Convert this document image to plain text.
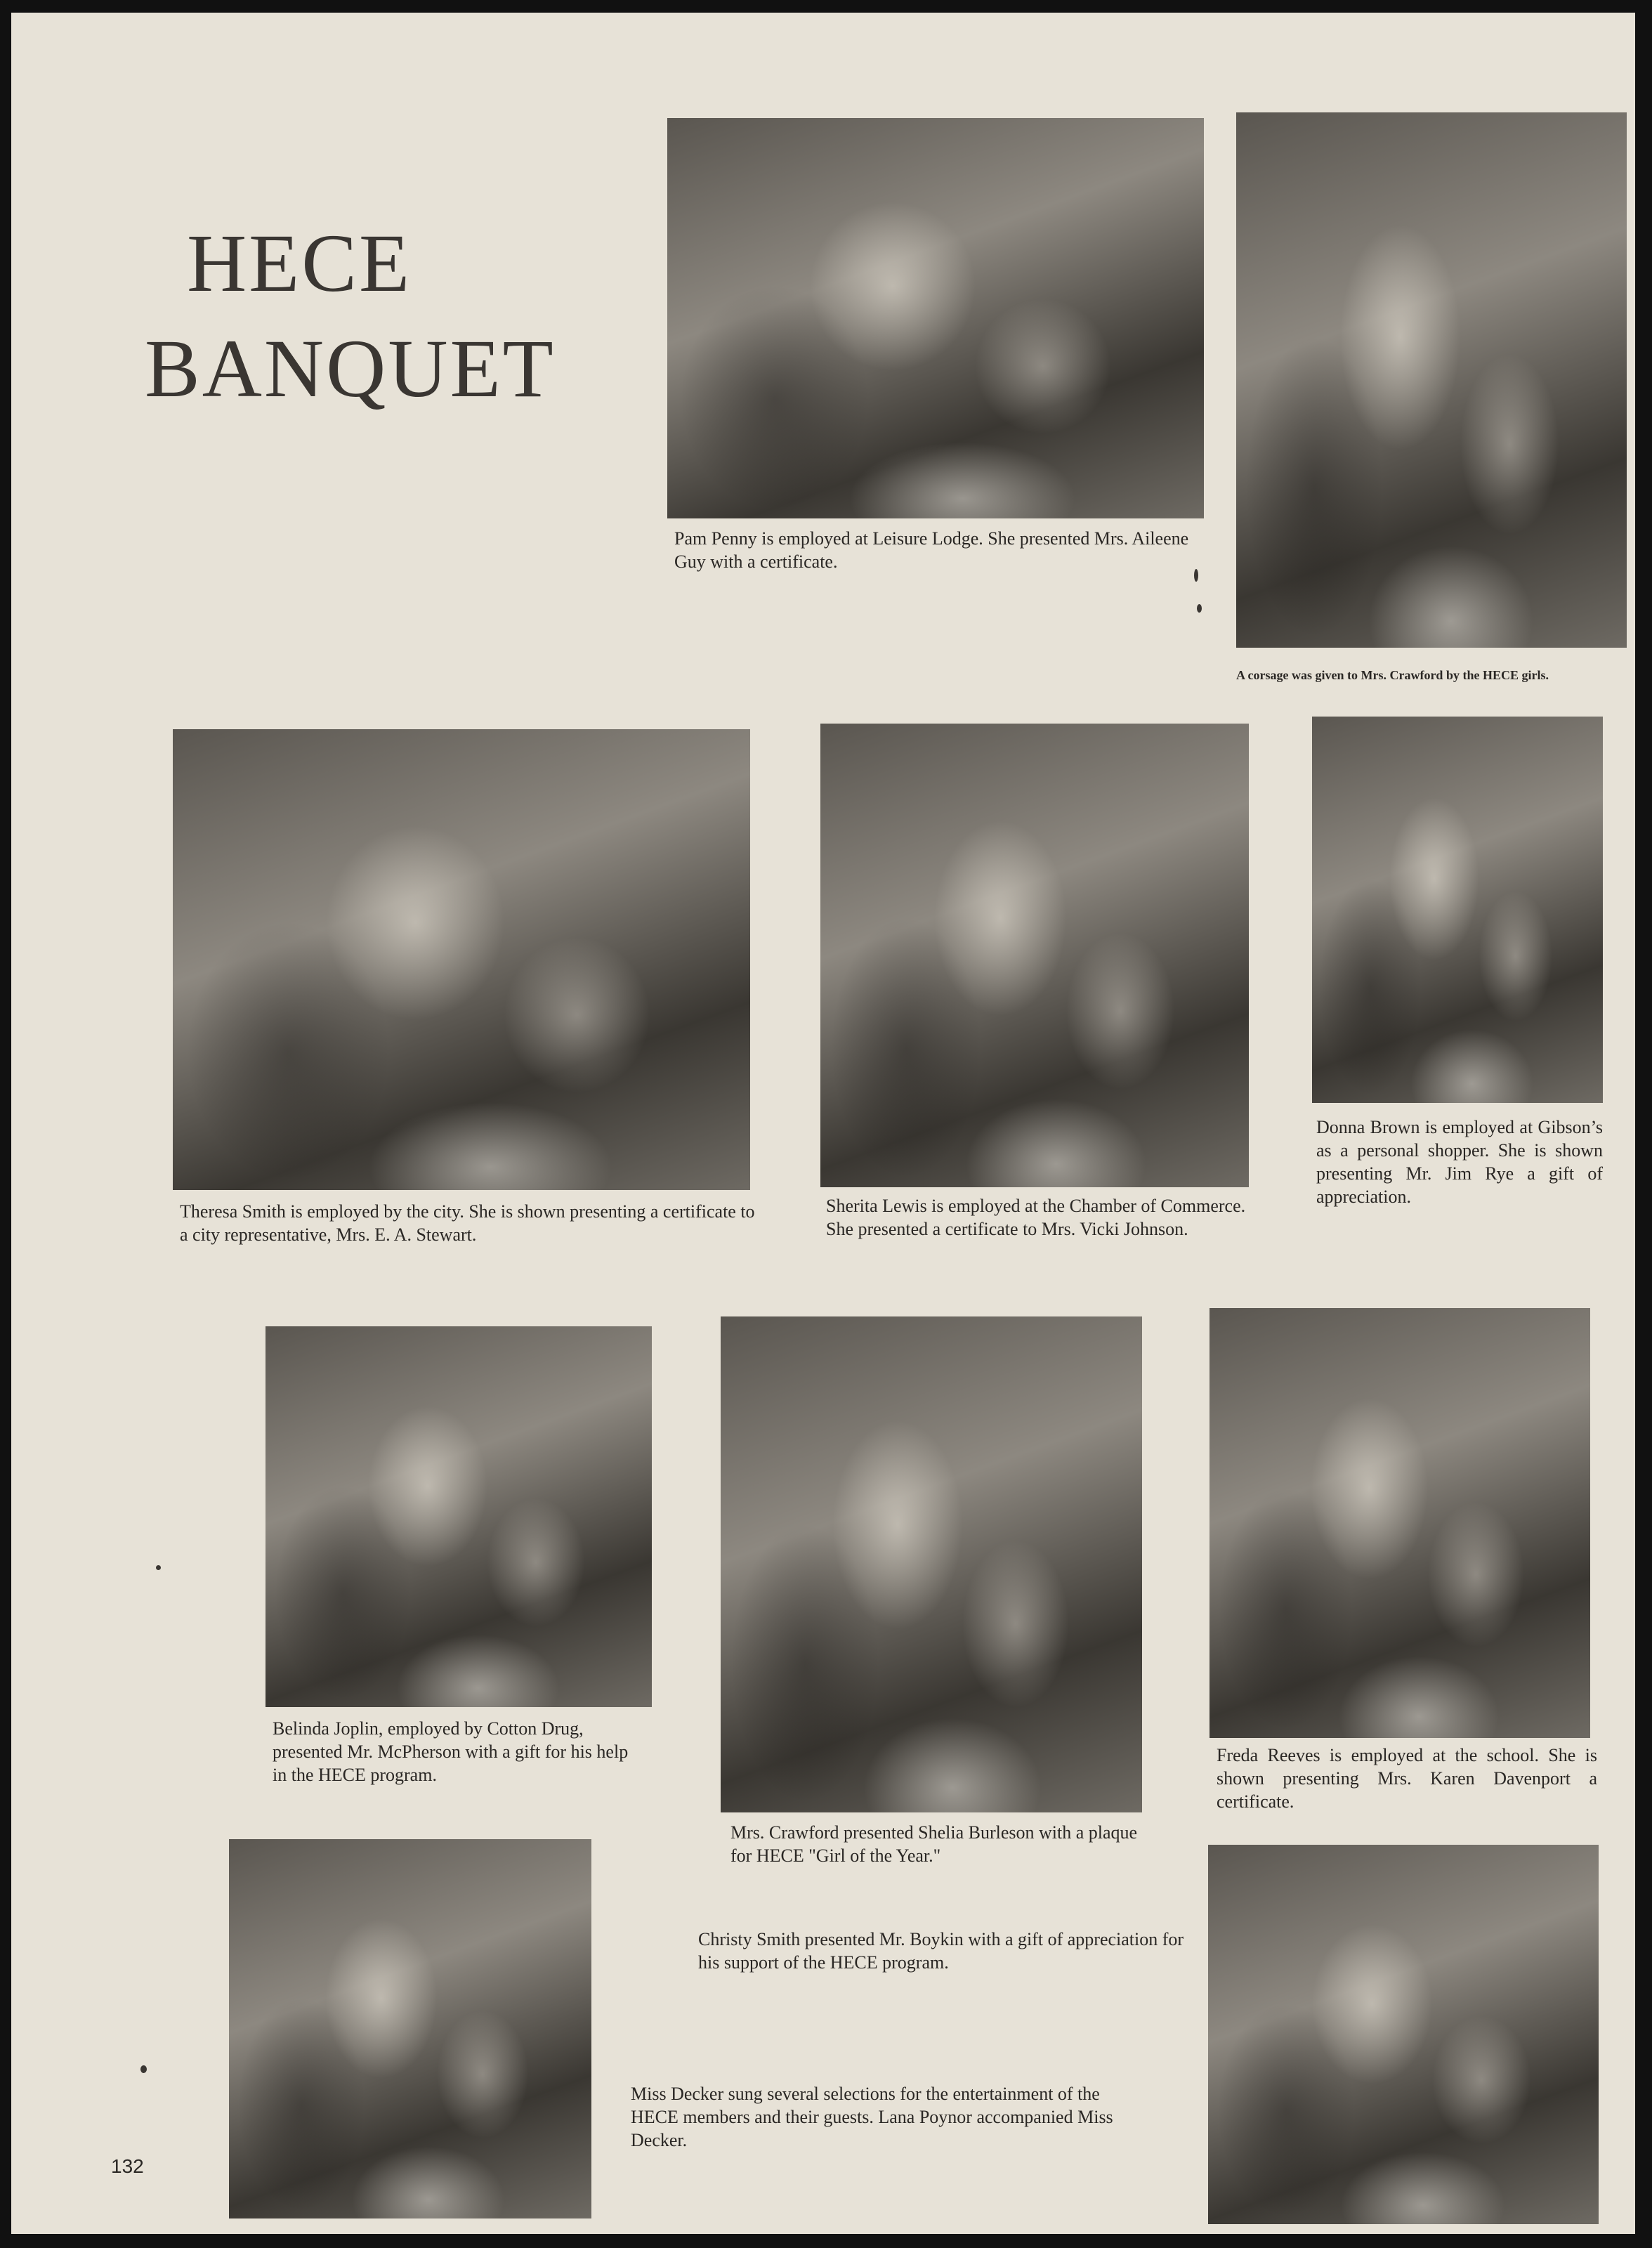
HECE
BANQUET
Pam Penny is employed at Leisure Lodge. She presented Mrs. Aileene Guy with a certificate.
A corsage was given to Mrs. Crawford by the HECE girls.
Theresa Smith is employed by the city. She is shown presenting a certificate to a city representative, Mrs. E. A. Stewart.
Sherita Lewis is employed at the Chamber of Commerce. She presented a certificate to Mrs. Vicki Johnson.
Donna Brown is employed at Gibson’s as a personal shopper. She is shown presenting Mr. Jim Rye a gift of appreciation.
Belinda Joplin, employed by Cotton Drug, presented Mr. McPherson with a gift for his help in the HECE program.
Mrs. Crawford presented Shelia Burleson with a plaque for HECE "Girl of the Year."
Freda Reeves is employed at the school. She is shown presenting Mrs. Karen Davenport a certificate.
Christy Smith presented Mr. Boykin with a gift of appreciation for his support of the HECE program.
Miss Decker sung several selections for the entertainment of the HECE members and their guests. Lana Poynor accompanied Miss Decker.
132
